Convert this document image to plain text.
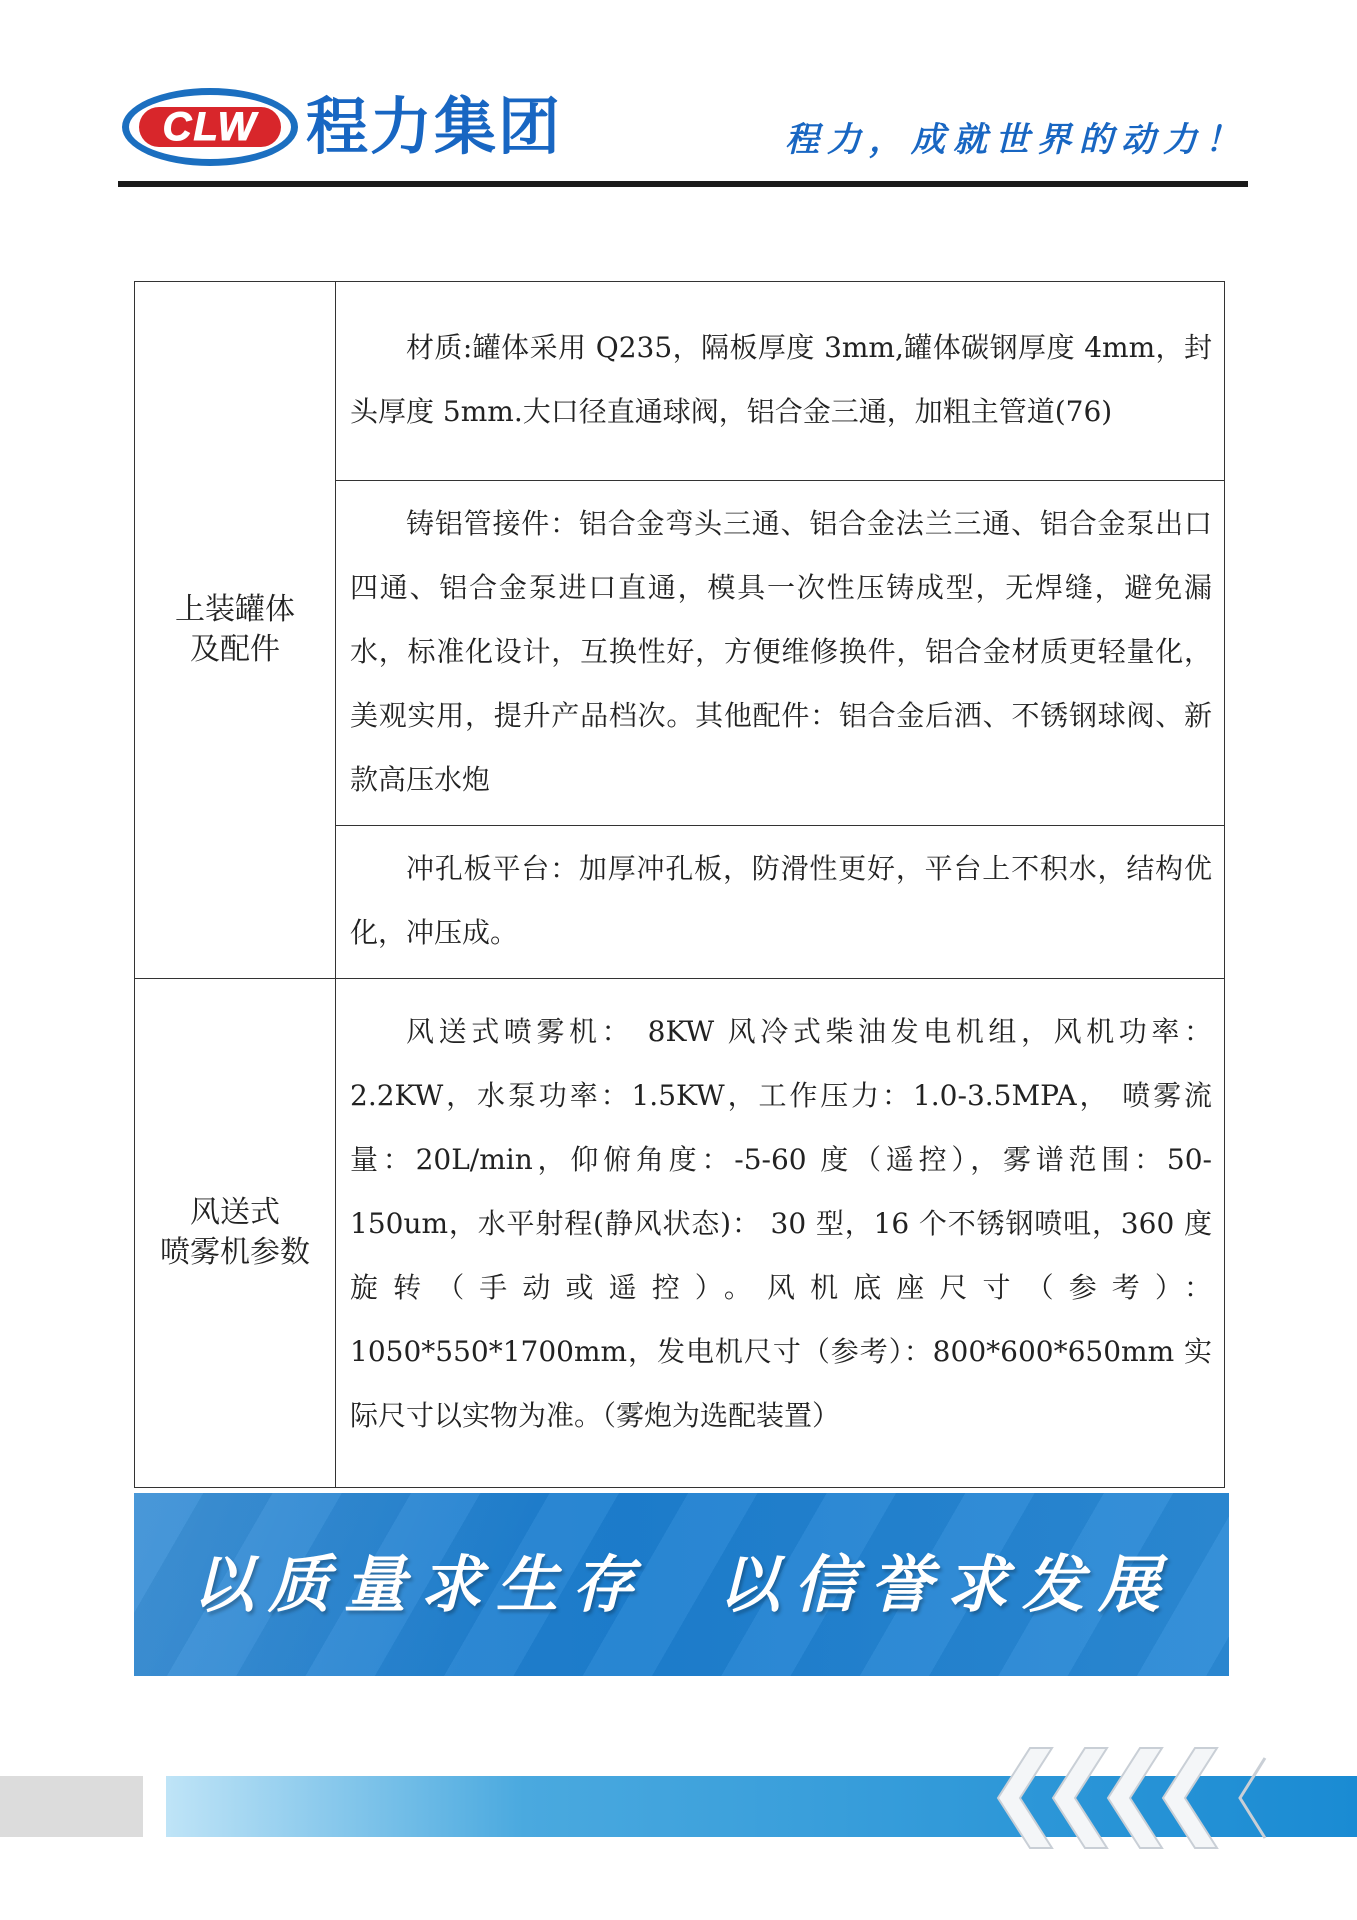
CLW 程力集团	程力，成就世界的动力！
上装罐体
及配件	材质:罐体采用 Q235，隔板厚度 3mm,罐体碳钢厚度 4mm，封头厚度 5mm.大口径直通球阀，铝合金三通，加粗主管道(76)
	铸铝管接件：铝合金弯头三通、铝合金法兰三通、铝合金泵出口四通、铝合金泵进口直通，模具一次性压铸成型，无焊缝，避免漏水，标准化设计，互换性好，方便维修换件，铝合金材质更轻量化，美观实用，提升产品档次。其他配件：铝合金后洒、不锈钢球阀、新款高压水炮
	冲孔板平台：加厚冲孔板，防滑性更好，平台上不积水，结构优化，冲压成。

风送式
喷雾机参数	风送式喷雾机： 8KW 风冷式柴油发电机组，风机功率：2.2KW，水泵功率：1.5KW，工作压力：1.0-3.5MPA， 喷雾流量：20L/min，仰俯角度：-5-60 度（遥控），雾谱范围：50-150um，水平射程(静风状态)： 30 型，16 个不锈钢喷咀，360 度旋转（手动或遥控）。风机底座尺寸（参考）：1050*550*1700mm，发电机尺寸（参考）：800*600*650mm 实际尺寸以实物为准。（雾炮为选配装置）
以质量求生存 以信誉求发展
